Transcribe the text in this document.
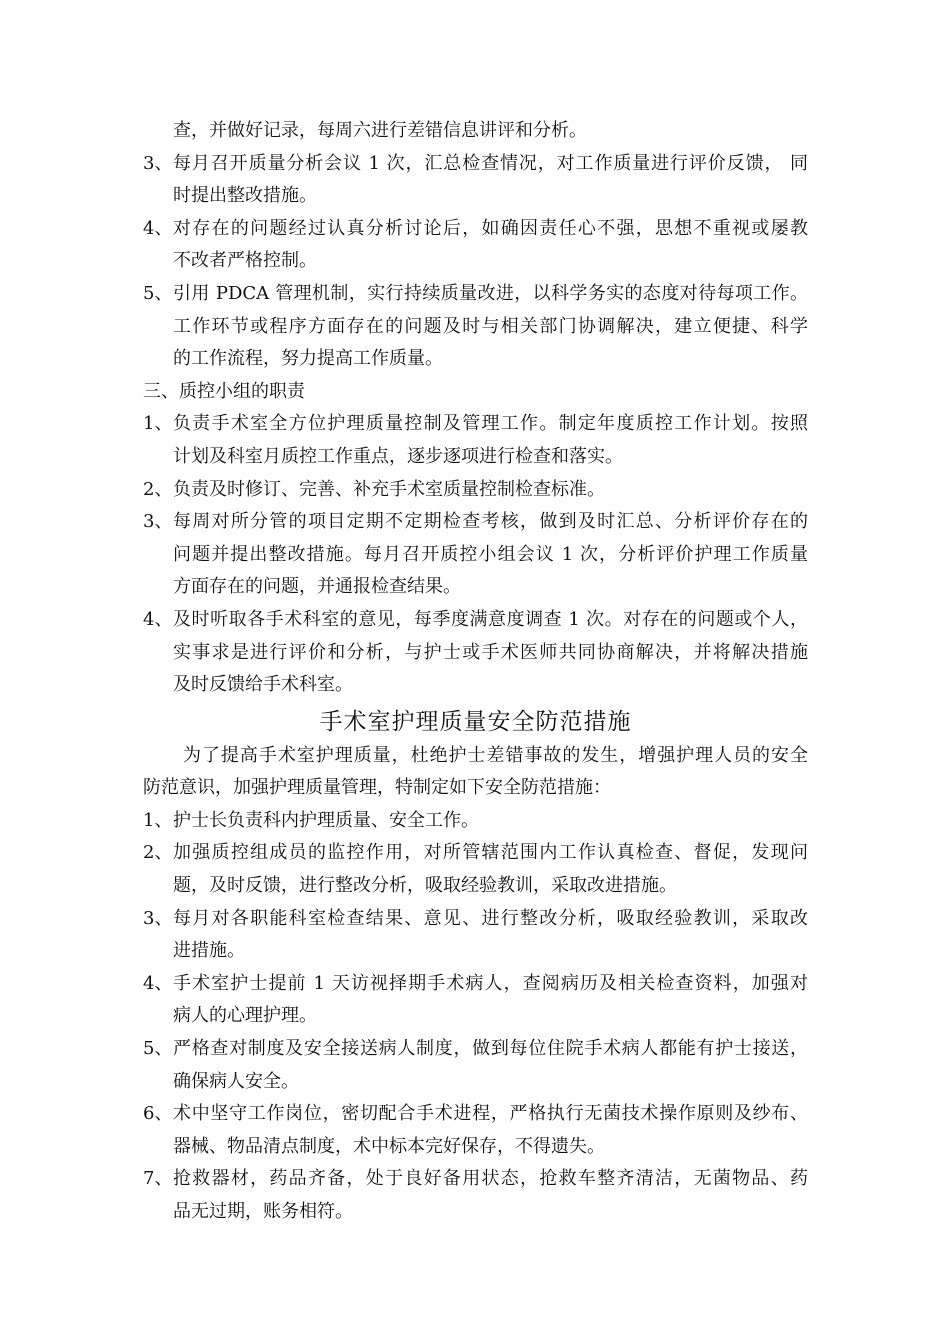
查，并做好记录，每周六进行差错信息讲评和分析。
3、 每月召开质量分析会议 1 次，汇总检查情况，对工作质量进行评价反馈， 同
时提出整改措施。
4、 对存在的问题经过认真分析讨论后，如确因责任心不强，思想不重视或屡教
不改者严格控制。
5、 引用 PDCA 管理机制，实行持续质量改进，以科学务实的态度对待每项工作。
工作环节或程序方面存在的问题及时与相关部门协调解决，建立便捷、科学
的工作流程，努力提高工作质量。
三、质控小组的职责
1、 负责手术室全方位护理质量控制及管理工作。制定年度质控工作计划。按照
计划及科室月质控工作重点，逐步逐项进行检查和落实。
2、 负责及时修订、完善、补充手术室质量控制检查标准。
3、 每周对所分管的项目定期不定期检查考核，做到及时汇总、分析评价存在的
问题并提出整改措施。每月召开质控小组会议 1 次，分析评价护理工作质量
方面存在的问题，并通报检查结果。
4、 及时听取各手术科室的意见，每季度满意度调查 1 次。对存在的问题或个人，
实事求是进行评价和分析，与护士或手术医师共同协商解决，并将解决措施
及时反馈给手术科室。
手术室护理质量安全防范措施
为了提高手术室护理质量，杜绝护士差错事故的发生，增强护理人员的安全
防范意识，加强护理质量管理，特制定如下安全防范措施：
1、 护士长负责科内护理质量、安全工作。
2、 加强质控组成员的监控作用，对所管辖范围内工作认真检查、督促，发现问
题，及时反馈，进行整改分析，吸取经验教训，采取改进措施。
3、 每月对各职能科室检查结果、意见、进行整改分析，吸取经验教训，采取改
进措施。
4、 手术室护士提前 1 天访视择期手术病人，查阅病历及相关检查资料，加强对
病人的心理护理。
5、 严格查对制度及安全接送病人制度，做到每位住院手术病人都能有护士接送，
确保病人安全。
6、 术中坚守工作岗位，密切配合手术进程，严格执行无菌技术操作原则及纱布、
器械、物品清点制度，术中标本完好保存，不得遗失。
7、 抢救器材，药品齐备，处于良好备用状态，抢救车整齐清洁，无菌物品、药
品无过期，账务相符。
